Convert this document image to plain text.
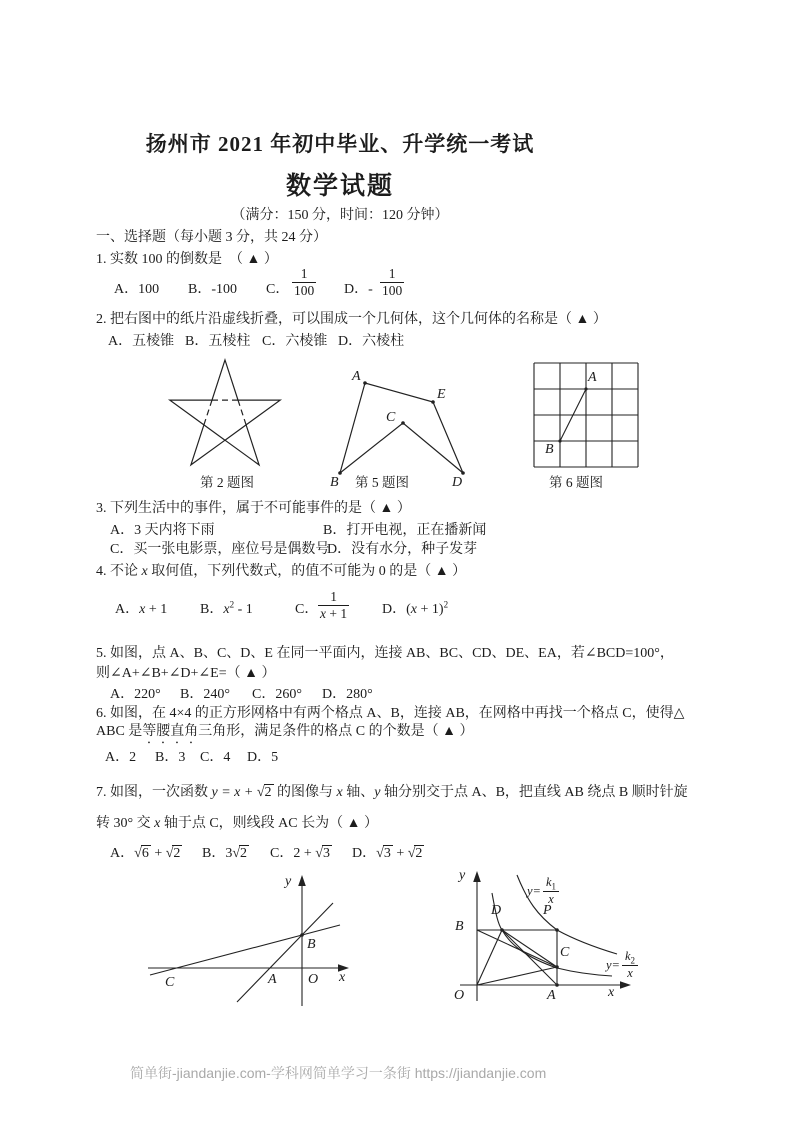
扬州市 2021 年初中毕业、升学统一考试
数学试题
（满分：150 分，时间：120 分钟）
一、选择题（每小题 3 分，共 24 分）
1. 实数 100 的倒数是　（ ▲ ）
A．100 B．-100 C． $\frac{1}{100}$ D．- $\frac{1}{100}$
2. 把右图中的纸片沿虚线折叠，可以围成一个几何体，这个几何体的名称是（ ▲ ）
A．五棱锥 B．五棱柱 C．六棱锥 D．六棱柱
第 2 题图
A
E
C
B	D
第 5 题图
A
B
第 6 题图
3. 下列生活中的事件，属于不可能事件的是（ ▲ ）
A．3 天内将下雨	B．打开电视，正在播新闻
C．买一张电影票，座位号是偶数号
D．没有水分，种子发芽
4. 不论 x 取何值，下列代数式，的值不可能为 0 的是（ ▲ ）
A．x + 1 B．$x^2 - 1$	C． $\frac{1}{x + 1}$ D．$(x + 1)^2$
5. 如图，点 A、B、C、D、E 在同一平面内，连接 AB、BC、CD、DE、EA，若∠BCD=100°，
则∠A+∠B+∠D+∠E=（ ▲ ）
A．220° B．240° C．260° D．280°
6. 如图，在 4×4 的正方形网格中有两个格点 A、B，连接 AB，在网格中再找一个格点 C，使得△
ABC 是等腰直角三角形，满足条件的格点 C 的个数是（ ▲ ）
A．2 B．3 C．4 D．5
7. 如图，一次函数 y = x + √2 的图像与 x 轴、y 轴分别交于点 A、B，把直线 AB 绕点 B 顺时针旋
转 30° 交 x 轴于点 C，则线段 AC 长为（ ▲ ）
A．√6 + √2 B．3√2 C．2 + √3 D．√3 + √2
y
x
B
A O
C
y
x
O
B
D	P
C
A
$y= \frac{k_1}{x}$
$y= \frac{k_2}{x}$
简单街-jiandanjie.com-学科网简单学习一条街 https://jiandanjie.com
